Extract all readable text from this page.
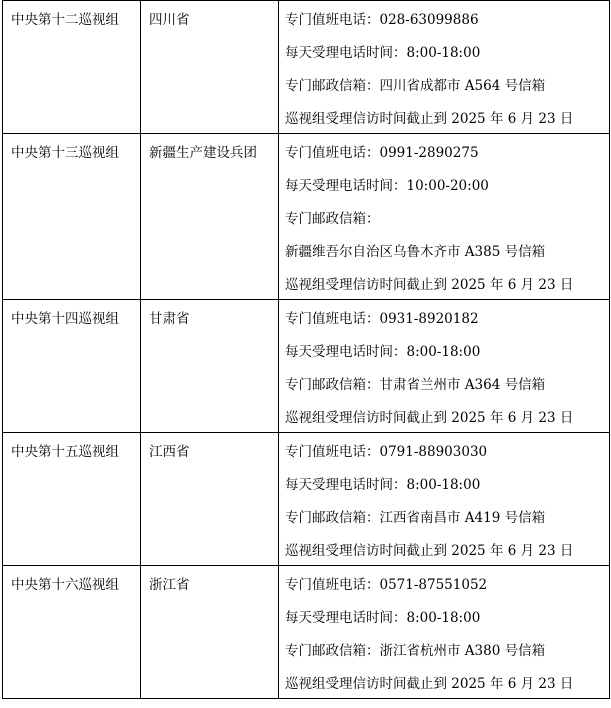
中央第十二巡视组	四川省	专门值班电话：028-63099886
每天受理电话时间：8:00-18:00
专门邮政信箱：四川省成都市 A564 号信箱
巡视组受理信访时间截止到 2025 年 6 月 23 日

中央第十三巡视组	新疆生产建设兵团	专门值班电话：0991-2890275
每天受理电话时间：10:00-20:00
专门邮政信箱：
新疆维吾尔自治区乌鲁木齐市 A385 号信箱
巡视组受理信访时间截止到 2025 年 6 月 23 日

中央第十四巡视组	甘肃省	专门值班电话：0931-8920182
每天受理电话时间：8:00-18:00
专门邮政信箱：甘肃省兰州市 A364 号信箱
巡视组受理信访时间截止到 2025 年 6 月 23 日

中央第十五巡视组	江西省	专门值班电话：0791-88903030
每天受理电话时间：8:00-18:00
专门邮政信箱：江西省南昌市 A419 号信箱
巡视组受理信访时间截止到 2025 年 6 月 23 日

中央第十六巡视组	浙江省	专门值班电话：0571-87551052
每天受理电话时间：8:00-18:00
专门邮政信箱：浙江省杭州市 A380 号信箱
巡视组受理信访时间截止到 2025 年 6 月 23 日
